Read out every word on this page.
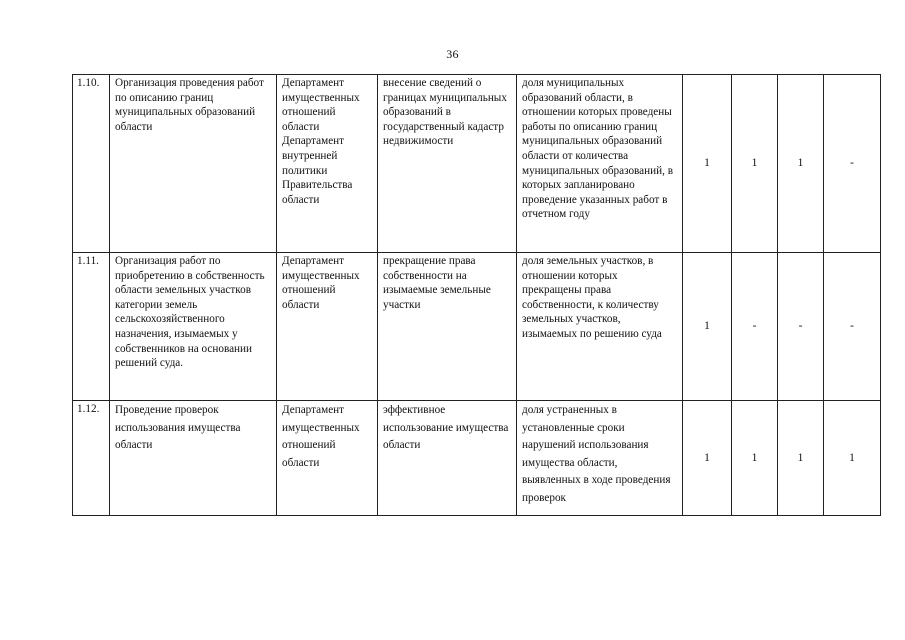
36
1.10.	Организация проведения работ по описанию границ муниципальных образований области	Департамент имущественных отношений области Департамент внутренней политики Правительства области	внесение сведений о границах муниципальных образований в государственный кадастр недвижимости	доля муниципальных образований области, в отношении которых проведены работы по описанию границ муниципальных образований области от количества муниципальных образований, в которых запланировано проведение указанных работ в отчетном году	1	1	1	-
1.11.	Организация работ по приобретению в собственность области земельных участков категории земель сельскохозяйственного назначения, изымаемых у собственников на основании решений суда.	Департамент имущественных отношений области	прекращение права собственности на изымаемые земельные участки	доля земельных участков, в отношении которых прекращены права собственности, к количеству земельных участков, изымаемых по решению суда	1	-	-	-
1.12.	Проведение проверок использования имущества области	Департамент имущественных отношений области	эффективное использование имущества области	доля устраненных в установленные сроки нарушений использования имущества области, выявленных в ходе проведения проверок	1	1	1	1
